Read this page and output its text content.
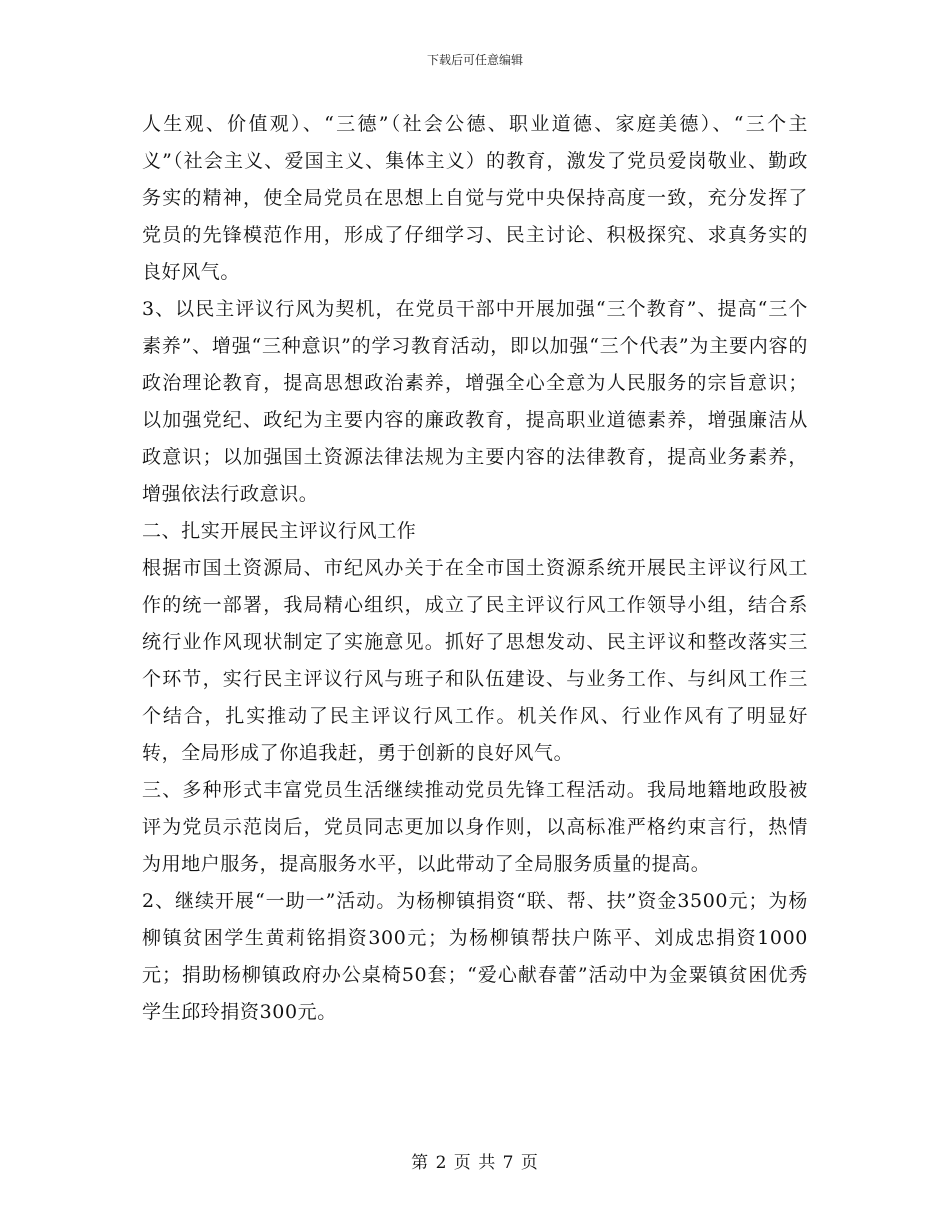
下载后可任意编辑

人生观、价值观）、“三德”（社会公德、职业道德、家庭美德）、“三个主义”（社会主义、爱国主义、集体主义）的教育，激发了党员爱岗敬业、勤政务实的精神，使全局党员在思想上自觉与党中央保持高度一致，充分发挥了党员的先锋模范作用，形成了仔细学习、民主讨论、积极探究、求真务实的良好风气。

3、以民主评议行风为契机，在党员干部中开展加强“三个教育”、提高“三个素养”、增强“三种意识”的学习教育活动，即以加强“三个代表”为主要内容的政治理论教育，提高思想政治素养，增强全心全意为人民服务的宗旨意识；以加强党纪、政纪为主要内容的廉政教育，提高职业道德素养，增强廉洁从政意识；以加强国土资源法律法规为主要内容的法律教育，提高业务素养，增强依法行政意识。

二、扎实开展民主评议行风工作

根据市国土资源局、市纪风办关于在全市国土资源系统开展民主评议行风工作的统一部署，我局精心组织，成立了民主评议行风工作领导小组，结合系统行业作风现状制定了实施意见。抓好了思想发动、民主评议和整改落实三个环节，实行民主评议行风与班子和队伍建设、与业务工作、与纠风工作三个结合，扎实推动了民主评议行风工作。机关作风、行业作风有了明显好转，全局形成了你追我赶，勇于创新的良好风气。

三、多种形式丰富党员生活继续推动党员先锋工程活动。我局地籍地政股被评为党员示范岗后，党员同志更加以身作则，以高标准严格约束言行，热情为用地户服务，提高服务水平，以此带动了全局服务质量的提高。

2、继续开展“一助一”活动。为杨柳镇捐资“联、帮、扶”资金3500元；为杨柳镇贫困学生黄莉铭捐资300元；为杨柳镇帮扶户陈平、刘成忠捐资1000元；捐助杨柳镇政府办公桌椅50套；“爱心献春蕾”活动中为金粟镇贫困优秀学生邱玲捐资300元。

第 2 页 共 7 页
